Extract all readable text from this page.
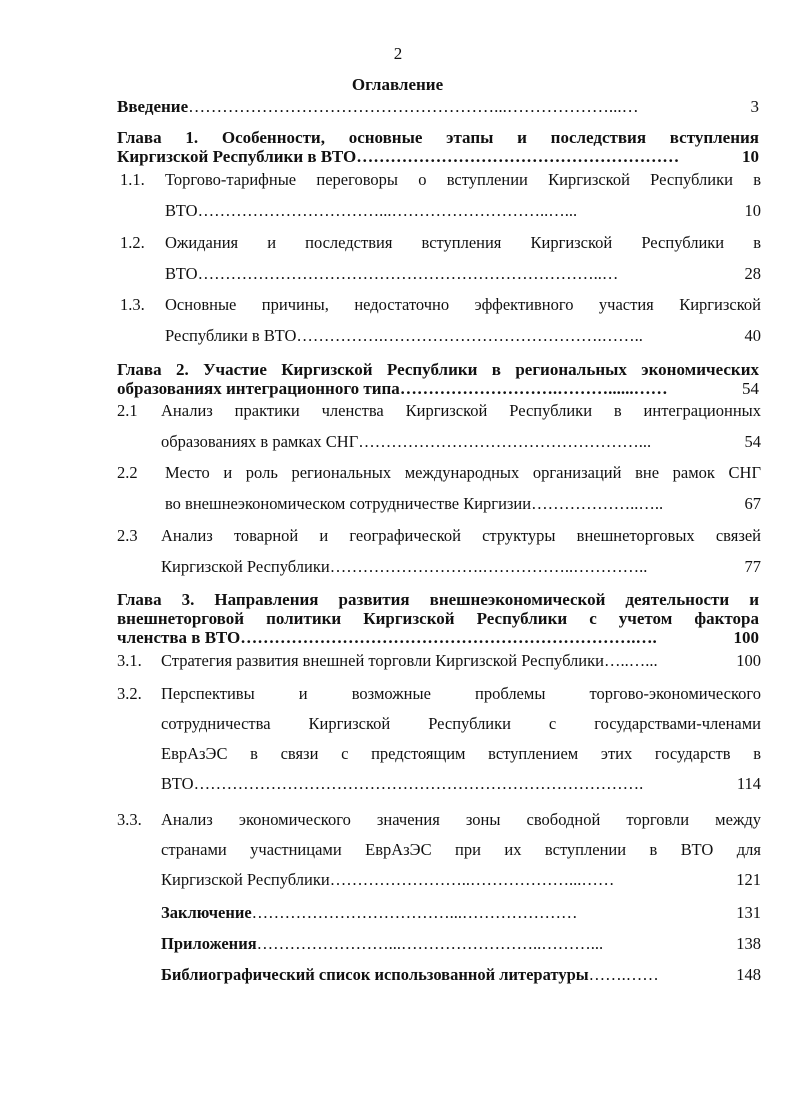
2
Оглавление
Введение ………………………………………………...………………...…	3
Глава 1. Особенности, основные этапы и последствия вступления
Киргизской Республики в ВТО …………………………………………………	10
1.1. Торгово-тарифные переговоры о вступлении Киргизской Республики в
ВТО ……………………………...………………………..…...	10
1.2. Ожидания и последствия вступления Киргизской Республики в
ВТО ………………………………………………………………..…	28
1.3. Основные причины, недостаточно эффективного участия Киргизской
Республики в ВТО …………….………………………………….……..	40
Глава 2. Участие Киргизской Республики в региональных экономических
образованиях интеграционного типа ……………………….………......……	54
2.1 Анализ практики членства Киргизской Республики в интеграционных
образованиях в рамках СНГ ……………………………………………...	54
2.2 Место и роль региональных международных организаций вне рамок СНГ
во внешнеэкономическом сотрудничестве Киргизии ………………..…..	67
2.3 Анализ товарной и географической структуры внешнеторговых связей
Киргизской Республики ……………………….……………..…………..	77
Глава 3. Направления развития внешнеэкономической деятельности и
внешнеторговой политики Киргизской Республики с учетом фактора
членства в ВТО …………………………………………………………….….	100
3.1. Стратегия развития внешней торговли Киргизской Республики …..…...	100
3.2. Перспективы и возможные проблемы торгово-экономического
сотрудничества Киргизской Республики с государствами-членами
ЕврАзЭС в связи с предстоящим вступлением этих государств в
ВТО ……………………………………………………………………….	114
3.3. Анализ экономического значения зоны свободной торговли между
странами участницами ЕврАзЭС при их вступлении в ВТО для
Киргизской Республики ……………………..………………...……	121
Заключение ………………………………...…………………	131
Приложения ……………………...……………………..………...	138
Библиографический список использованной литературы …….……	148
